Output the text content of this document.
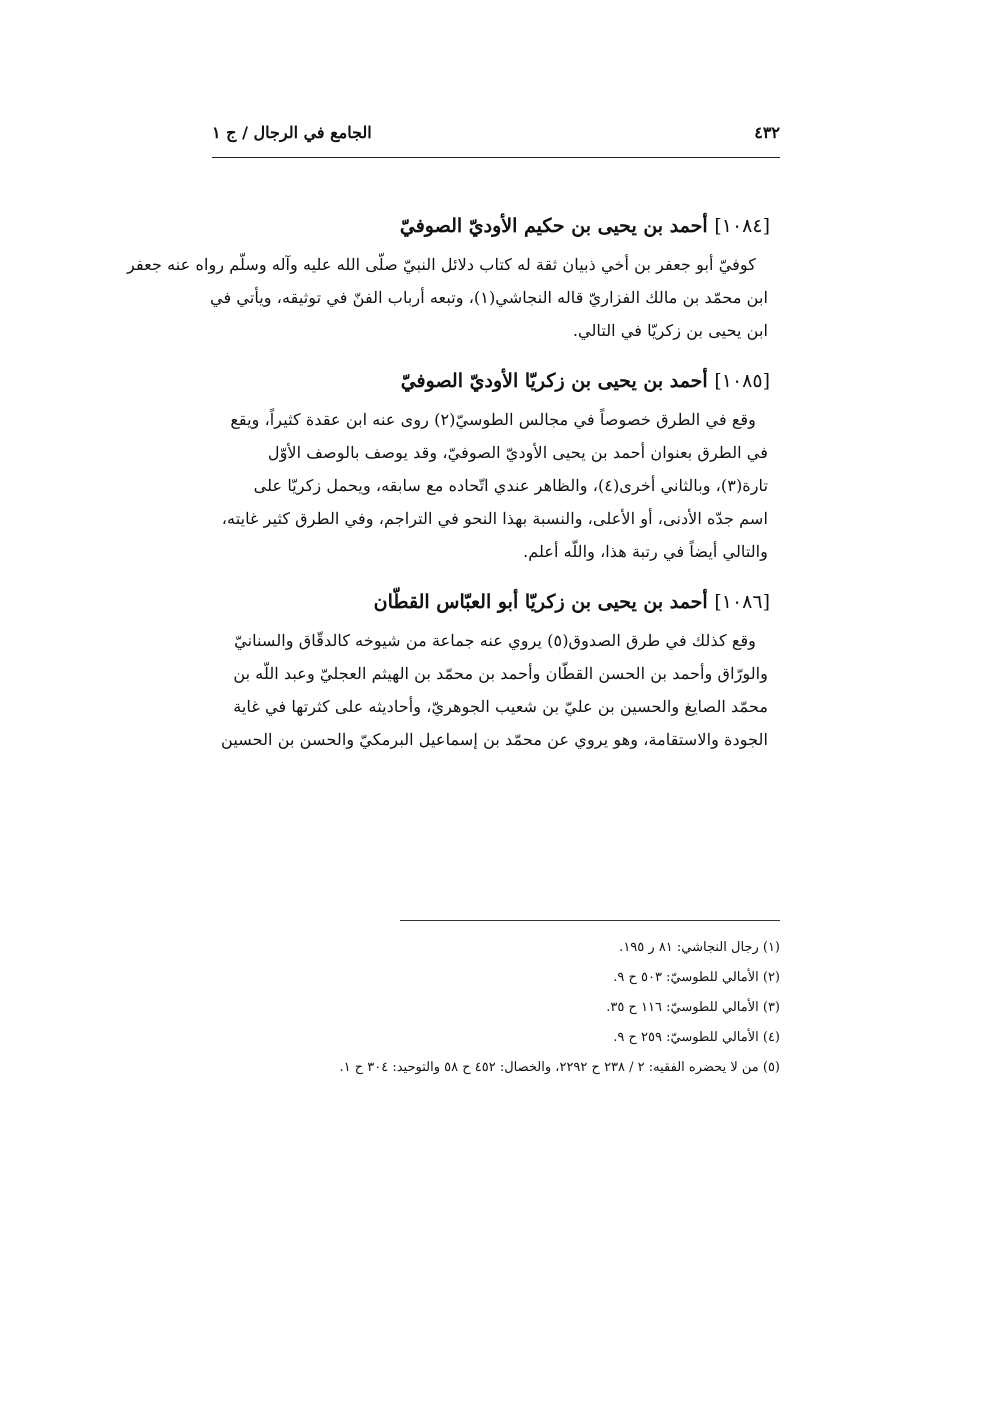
٤٣٢
الجامع في الرجال / ج ١
[١٠٨٤] أحمد بن يحيى بن حكيم الأوديّ الصوفيّ
كوفيّ أبو جعفر بن أخي ذبيان ثقة له كتاب دلائل النبيّ صلّى الله عليه وآله وسلّم رواه عنه جعفر
ابن محمّد بن مالك الفزاريّ قاله النجاشي(١)، وتبعه أرباب الفنّ في توثيقه، ويأتي في
ابن يحيى بن زكريّا في التالي.
[١٠٨٥] أحمد بن يحيى بن زكريّا الأوديّ الصوفيّ
وقع في الطرق خصوصاً في مجالس الطوسيّ(٢) روى عنه ابن عقدة كثيراً، ويقع
في الطرق بعنوان أحمد بن يحيى الأوديّ الصوفيّ، وقد يوصف بالوصف الأوّل
تارة(٣)، وبالثاني أخرى(٤)، والظاهر عندي اتّحاده مع سابقه، ويحمل زكريّا على
اسم جدّه الأدنى، أو الأعلى، والنسبة بهذا النحو في التراجم، وفي الطرق كثير غايته،
والتالي أيضاً في رتبة هذا، واللّه أعلم.
[١٠٨٦] أحمد بن يحيى بن زكريّا أبو العبّاس القطّان
وقع كذلك في طرق الصدوق(٥) يروي عنه جماعة من شيوخه كالدقّاق والسنانيّ
والورّاق وأحمد بن الحسن القطّان وأحمد بن محمّد بن الهيثم العجليّ وعبد اللّه بن
محمّد الصايغ والحسين بن عليّ بن شعيب الجوهريّ، وأحاديثه على كثرتها في غاية
الجودة والاستقامة، وهو يروي عن محمّد بن إسماعيل البرمكيّ والحسن بن الحسين
(١) رجال النجاشي: ٨١ ر ١٩٥.
(٢) الأمالي للطوسيّ: ٥٠٣ ح ٩.
(٣) الأمالي للطوسيّ: ١١٦ ح ٣٥.
(٤) الأمالي للطوسيّ: ٢٥٩ ح ٩.
(٥) من لا يحضره الفقيه: ٢ / ٢٣٨ ح ٢٢٩٢، والخصال: ٤٥٢ ح ٥٨ والتوحيد: ٣٠٤ ح ١.
